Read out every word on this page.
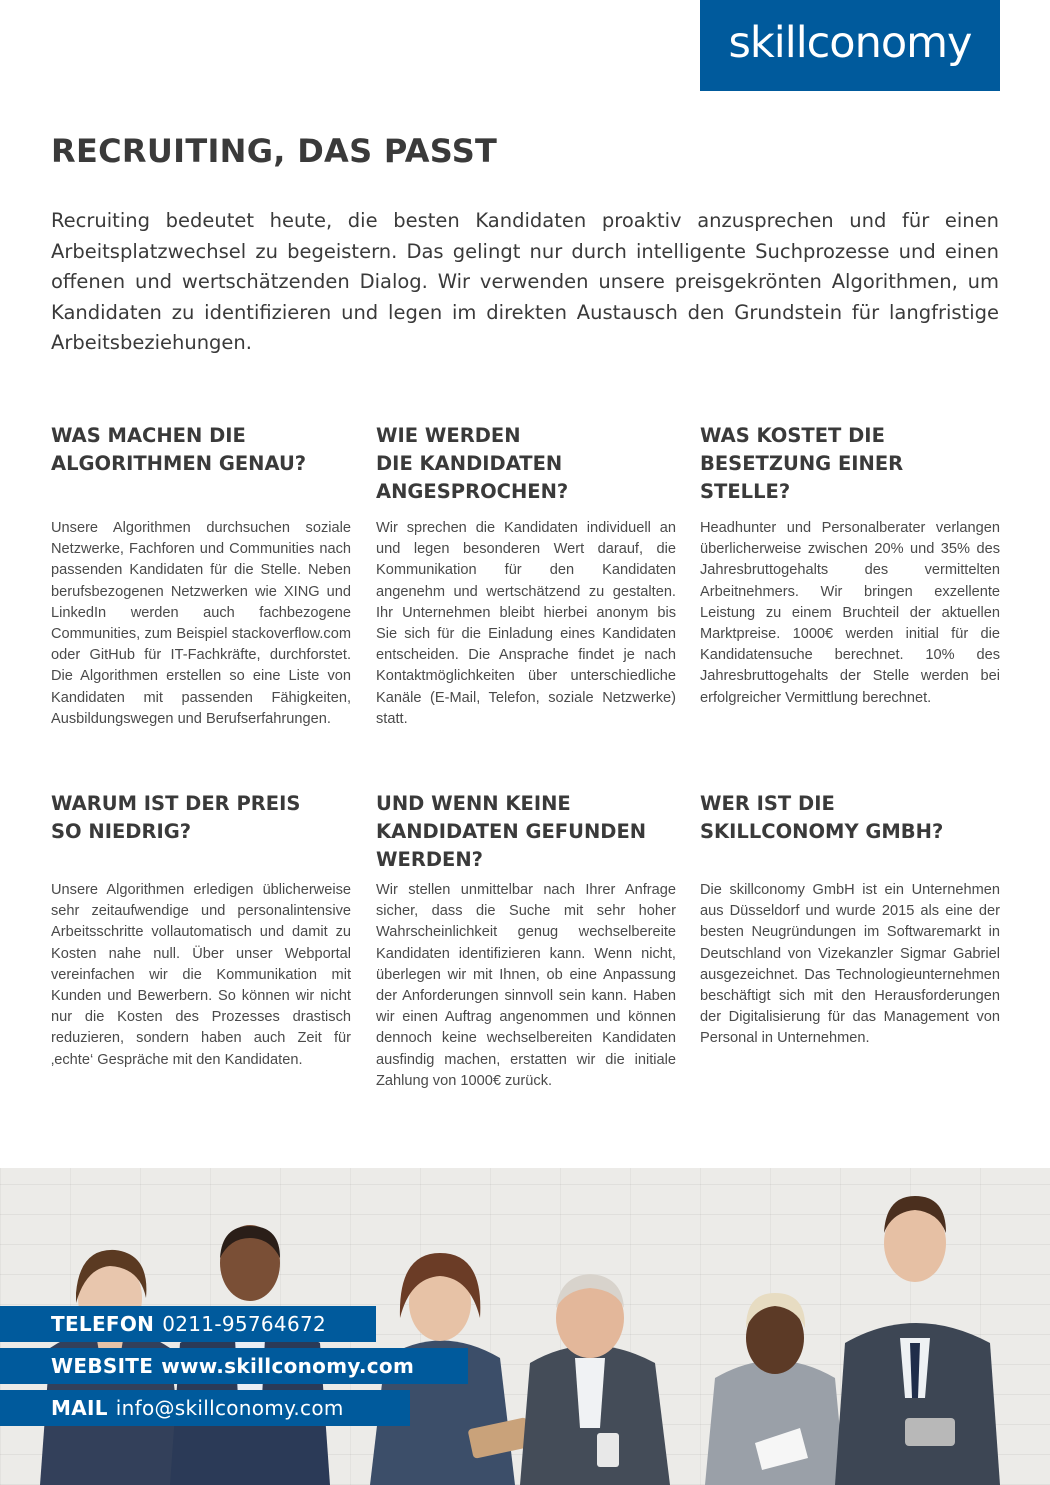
skillconomy
RECRUITING, DAS PASST

Recruiting bedeutet heute, die besten Kandidaten proaktiv anzusprechen und für einen Arbeitsplatzwechsel zu begeistern. Das gelingt nur durch intelligente Suchprozesse und einen offenen und wertschätzenden Dialog. Wir verwenden unsere preisgekrönten Algorithmen, um Kandidaten zu identifizieren und legen im direkten Austausch den Grundstein für langfristige Arbeitsbeziehungen.

WAS MACHEN DIE
ALGORITHMEN GENAU?

Unsere Algorithmen durchsuchen soziale Netzwerke, Fachforen und Communities nach passenden Kandidaten für die Stelle. Neben berufsbezogenen Netzwerken wie XING und LinkedIn werden auch fachbezogene Communities, zum Beispiel stackoverflow.com oder GitHub für IT-Fachkräfte, durchforstet. Die Algorithmen erstellen so eine Liste von Kandidaten mit passenden Fähigkeiten, Ausbildungswegen und Berufserfahrungen.

WIE WERDEN
DIE KANDIDATEN
ANGESPROCHEN?

Wir sprechen die Kandidaten individuell an und legen besonderen Wert darauf, die Kommunikation für den Kandidaten angenehm und wertschätzend zu gestalten. Ihr Unternehmen bleibt hierbei anonym bis Sie sich für die Einladung eines Kandidaten entscheiden. Die Ansprache findet je nach Kontaktmöglichkeiten über unterschiedliche Kanäle (E-Mail, Telefon, soziale Netzwerke) statt.

WAS KOSTET DIE
BESETZUNG EINER
STELLE?

Headhunter und Personalberater verlangen überlicherweise zwischen 20% und 35% des Jahresbruttogehalts des vermittelten Arbeitnehmers. Wir bringen exzellente Leistung zu einem Bruchteil der aktuellen Marktpreise. 1000€ werden initial für die Kandidatensuche berechnet. 10% des Jahresbruttogehalts der Stelle werden bei erfolgreicher Vermittlung berechnet.

WARUM IST DER PREIS
SO NIEDRIG?

Unsere Algorithmen erledigen üblicherweise sehr zeitaufwendige und personalintensive Arbeitsschritte vollautomatisch und damit zu Kosten nahe null. Über unser Webportal vereinfachen wir die Kommunikation mit Kunden und Bewerbern. So können wir nicht nur die Kosten des Prozesses drastisch reduzieren, sondern haben auch Zeit für ‚echte‘ Gespräche mit den Kandidaten.

UND WENN KEINE
KANDIDATEN GEFUNDEN
WERDEN?

Wir stellen unmittelbar nach Ihrer Anfrage sicher, dass die Suche mit sehr hoher Wahrscheinlichkeit genug wechselbereite Kandidaten identifizieren kann. Wenn nicht, überlegen wir mit Ihnen, ob eine Anpassung der Anforderungen sinnvoll sein kann. Haben wir einen Auftrag angenommen und können dennoch keine wechselbereiten Kandidaten ausfindig machen, erstatten wir die initiale Zahlung von 1000€ zurück.

WER IST DIE
SKILLCONOMY GMBH?

Die skillconomy GmbH ist ein Unternehmen aus Düsseldorf und wurde 2015 als eine der besten Neugründungen im Softwaremarkt in Deutschland von Vizekanzler Sigmar Gabriel ausgezeichnet. Das Technologieunternehmen beschäftigt sich mit den Herausforderungen der Digitalisierung für das Management von Personal in Unternehmen.

TELEFON 0211-95764672
WEBSITE www.skillconomy.com
MAIL info@skillconomy.com
